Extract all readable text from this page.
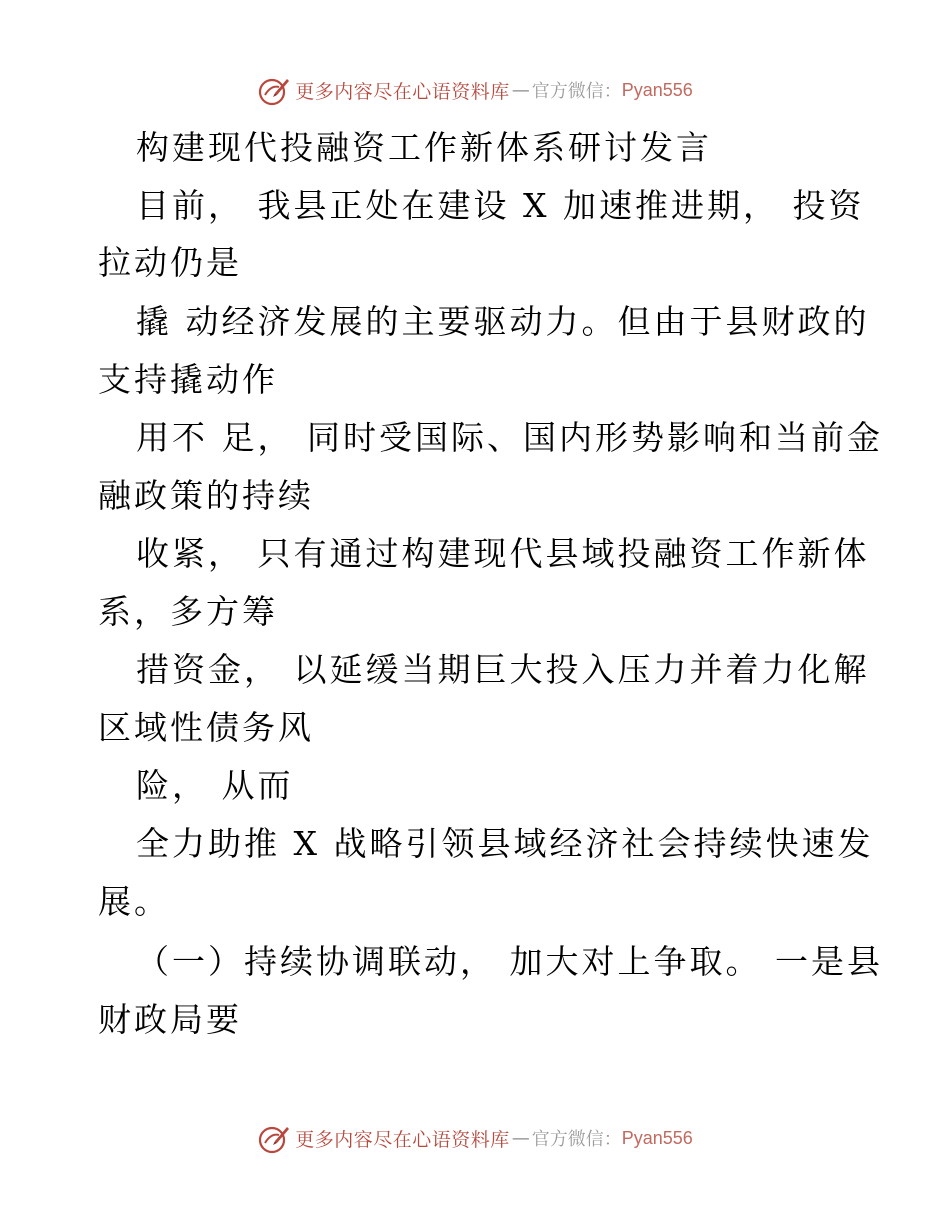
更多内容尽在心语资料库 — 官方微信： Pyan556
构建现代投融资工作新体系研讨发言
目前， 我县正处在建设 X 加速推进期， 投资
拉动仍是
撬 动经济发展的主要驱动力。但由于县财政的
支持撬动作
用不 足， 同时受国际、国内形势影响和当前金
融政策的持续
收紧， 只有通过构建现代县域投融资工作新体
系，多方筹
措资金， 以延缓当期巨大投入压力并着力化解
区域性债务风
险， 从而
全力助推 X 战略引领县域经济社会持续快速发
展。
（一）持续协调联动， 加大对上争取。 一是县
财政局要
更多内容尽在心语资料库 — 官方微信： Pyan556
